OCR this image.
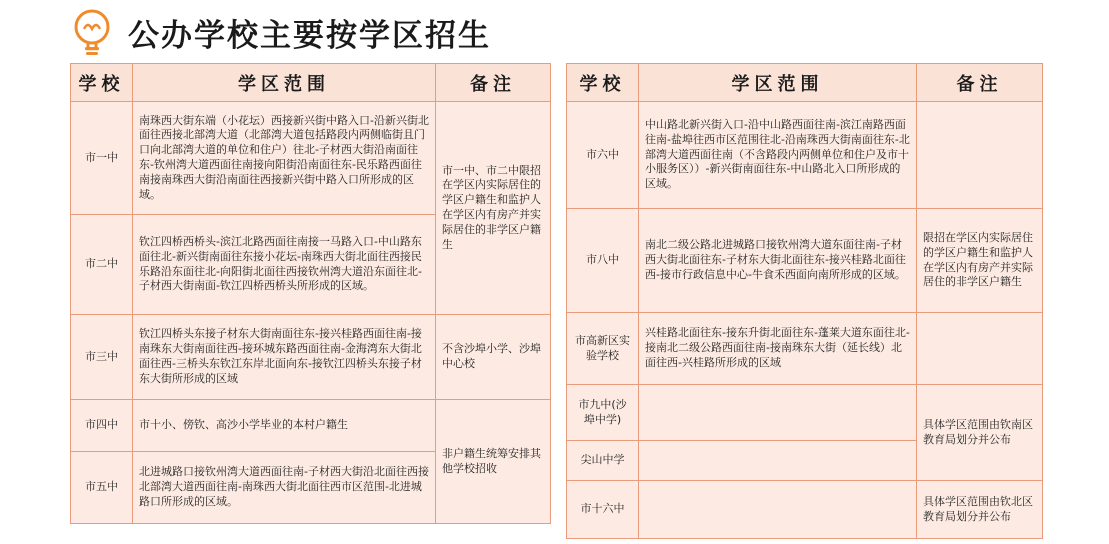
公办学校主要按学区招生
学校	学区范围	备注
市一中	南珠西大街东端（小花坛）西接新兴街中路入口-沿新兴街北面往西接北部湾大道（北部湾大道包括路段内两侧临街且门口向北部湾大道的单位和住户）往北-子材西大街沿南面往东-钦州湾大道西面往南接向阳街沿南面往东-民乐路西面往南接南珠西大街沿南面往西接新兴街中路入口所形成的区域。	市一中、市二中限招在学区内实际居住的学区户籍生和监护人在学区内有房产并实际居住的非学区户籍生
市二中	钦江四桥西桥头-滨江北路西面往南接一马路入口-中山路东面往北-新兴街南面往东接小花坛-南珠西大街北面往西接民乐路沿东面往北-向阳街北面往西接钦州湾大道沿东面往北-子材西大街南面-钦江四桥西桥头所形成的区域。	
市三中	钦江四桥头东接子材东大街南面往东-接兴桂路西面往南-接南珠东大街南面往西-接环城东路西面往南-金海湾东大街北面往西-三桥头东钦江东岸北面向东-接钦江四桥头东接子材东大街所形成的区域	不含沙埠小学、沙埠中心校
市四中	市十小、傍钦、高沙小学毕业的本村户籍生	非户籍生统筹安排其他学校招收
市五中	北进城路口接钦州湾大道西面往南-子材西大街沿北面往西接北部湾大道西面往南-南珠西大街北面往西市区范围-北进城路口所形成的区域。	
学校	学区范围	备注
市六中	中山路北新兴街入口-沿中山路西面往南-滨江南路西面往南-盐埠往西市区范围往北-沿南珠西大街南面往东-北部湾大道西面往南（不含路段内两侧单位和住户及市十小服务区））-新兴街南面往东-中山路北入口所形成的区域。	
市八中	南北二级公路北进城路口接钦州湾大道东面往南-子材西大街北面往东-子材东大街北面往东-接兴桂路北面往西-接市行政信息中心-牛食禾西面向南所形成的区域。	限招在学区内实际居住的学区户籍生和监护人在学区内有房产并实际居住的非学区户籍生
市高新区实验学校	兴桂路北面往东-接东升街北面往东-蓬莱大道东面往北-接南北二级公路西面往南-接南珠东大街（延长线）北面往西-兴桂路所形成的区域	
市九中(沙埠中学)		具体学区范围由钦南区教育局划分并公布
尖山中学		
市十六中		具体学区范围由钦北区教育局划分并公布
